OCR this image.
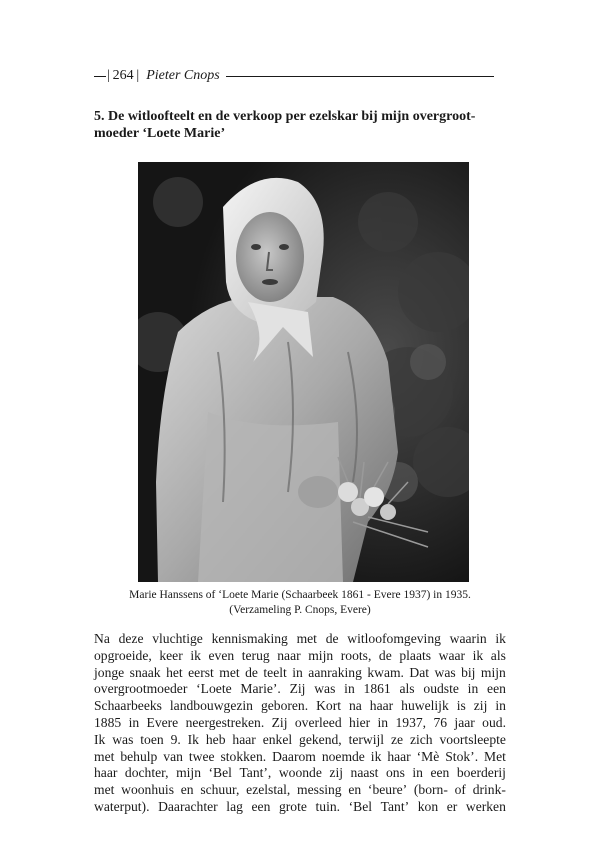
| 264 | Pieter Cnops
5. De witloofteelt en de verkoop per ezelskar bij mijn overgroot-
moeder ‘Loete Marie’
Marie Hanssens of ‘Loete Marie (Schaarbeek 1861 - Evere 1937) in 1935.
(Verzameling P. Cnops, Evere)
Na deze vluchtige kennismaking met de witloofomgeving waarin ik
opgroeide, keer ik even terug naar mijn roots, de plaats waar ik als
jonge snaak het eerst met de teelt in aanraking kwam. Dat was bij mijn
overgrootmoeder ‘Loete Marie’. Zij was in 1861 als oudste in een
Schaarbeeks landbouwgezin geboren. Kort na haar huwelijk is zij in
1885 in Evere neergestreken. Zij overleed hier in 1937, 76 jaar oud.
Ik was toen 9. Ik heb haar enkel gekend, terwijl ze zich voortsleepte
met behulp van twee stokken. Daarom noemde ik haar ‘Mè Stok’. Met
haar dochter, mijn ‘Bel Tant’, woonde zij naast ons in een boerderij
met woonhuis en schuur, ezelstal, messing en ‘beure’ (born- of drink-
waterput). Daarachter lag een grote tuin. ‘Bel Tant’ kon er werken
